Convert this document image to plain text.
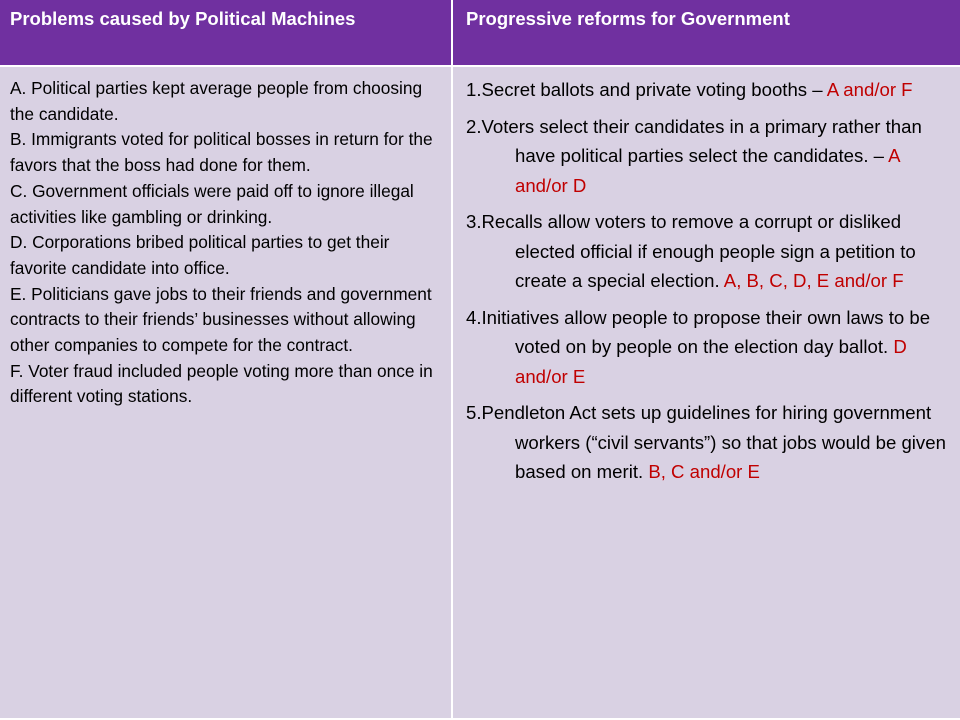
Problems caused by Political Machines	Progressive reforms for Government

A. Political parties kept average people from choosing the candidate.

B. Immigrants voted for political bosses in return for the favors that the boss had done for them.

C. Government officials were paid off to ignore illegal activities like gambling or drinking.

D. Corporations bribed political parties to get their favorite candidate into office.

E. Politicians gave jobs to their friends and government contracts to their friends’ businesses without allowing other companies to compete for the contract.

F. Voter fraud included people voting more than once in different voting stations.

1.Secret ballots and private voting booths – A and/or F

2.Voters select their candidates in a primary rather than have political parties select the candidates. – A and/or D

3.Recalls allow voters to remove a corrupt or disliked elected official if enough people sign a petition to create a special election. A, B, C, D, E and/or F

4.Initiatives allow people to propose their own laws to be voted on by people on the election day ballot. D and/or E

5.Pendleton Act sets up guidelines for hiring government workers (“civil servants”) so that jobs would be given based on merit. B, C and/or E
